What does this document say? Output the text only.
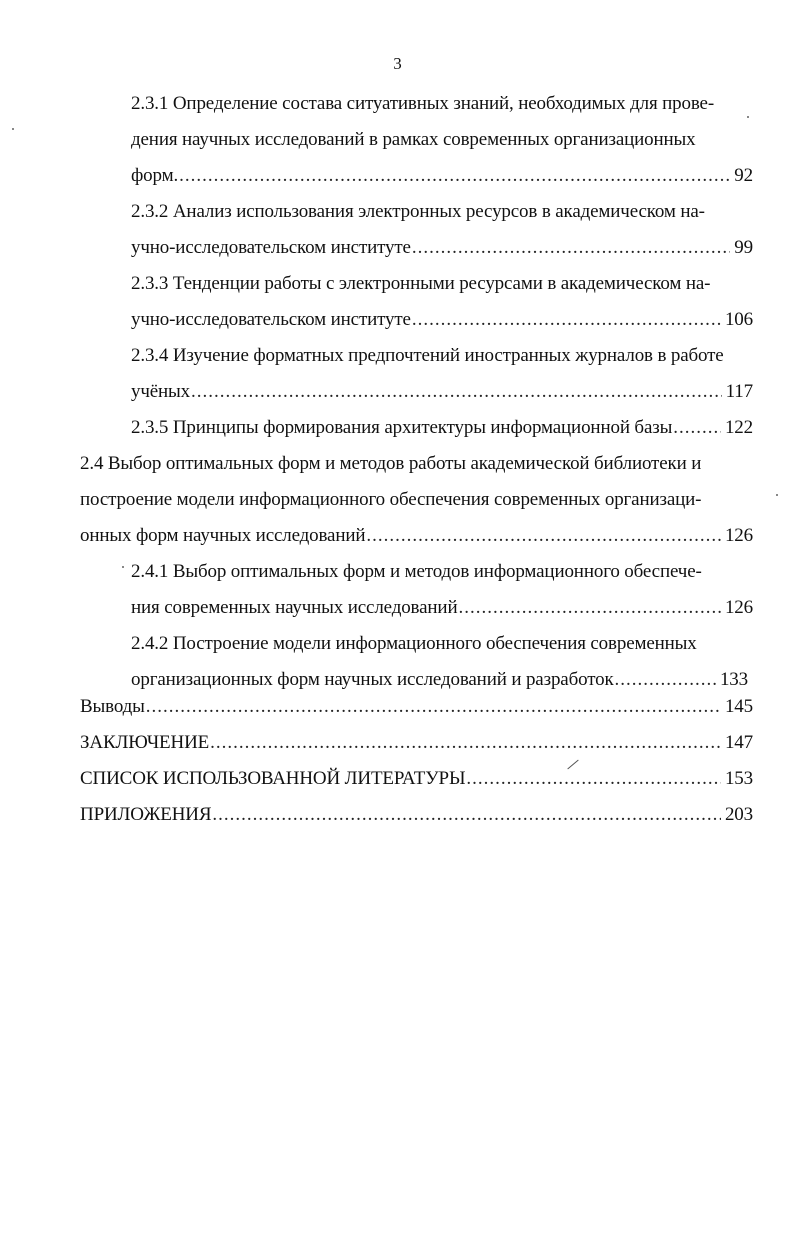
3
2.3.1 Определение состава ситуативных знаний, необходимых для прове-
дения научных исследований в рамках современных организационных
форм. .....	92
2.3.2 Анализ использования электронных ресурсов в академическом на-
учно-исследовательском институте .....	99
2.3.3 Тенденции работы с электронными ресурсами в академическом на-
учно-исследовательском институте .....	106
2.3.4 Изучение форматных предпочтений иностранных журналов в работе
учёных .....	117
2.3.5 Принципы формирования архитектуры информационной базы .....	122
2.4 Выбор оптимальных форм и методов работы академической библиотеки и
построение модели информационного обеспечения современных организаци-
онных форм научных исследований .....	126
2.4.1 Выбор оптимальных форм и методов информационного обеспече-
ния современных научных исследований .....	126
2.4.2 Построение модели информационного обеспечения современных
организационных форм научных исследований и разработок .....	133
Выводы .....	145
ЗАКЛЮЧЕНИЕ .....	147
СПИСОК ИСПОЛЬЗОВАННОЙ ЛИТЕРАТУРЫ .....	153
ПРИЛОЖЕНИЯ .....	203
